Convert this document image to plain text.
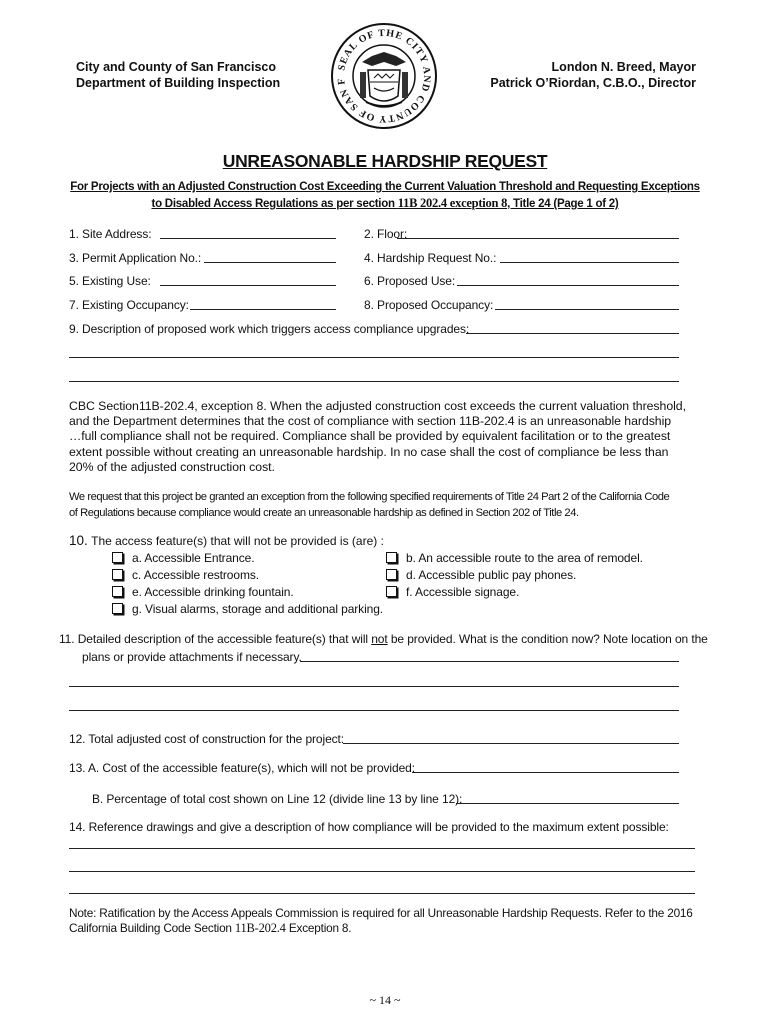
City and County of San Francisco
Department of Building Inspection
London N. Breed, Mayor
Patrick O’Riordan, C.B.O., Director
SEAL OF THE CITY AND COUNTY OF SAN F
UNREASONABLE HARDSHIP REQUEST
For Projects with an Adjusted Construction Cost Exceeding the Current Valuation Threshold and Requesting Exceptions
to Disabled Access Regulations as per section 11B 202.4 exception 8, Title 24 (Page 1 of 2)
1. Site Address:	2. Floor:
3. Permit Application No.:	4. Hardship Request No.:
5. Existing Use:	6. Proposed Use:
7. Existing Occupancy:	8. Proposed Occupancy:
9. Description of proposed work which triggers access compliance upgrades:
CBC Section11B-202.4, exception 8. When the adjusted construction cost exceeds the current valuation threshold,
and the Department determines that the cost of compliance with section 11B-202.4 is an unreasonable hardship
…full compliance shall not be required. Compliance shall be provided by equivalent facilitation or to the greatest
extent possible without creating an unreasonable hardship. In no case shall the cost of compliance be less than
20% of the adjusted construction cost.
We request that this project be granted an exception from the following specified requirements of Title 24 Part 2 of the California Code
of Regulations because compliance would create an unreasonable hardship as defined in Section 202 of Title 24.
10. The access feature(s) that will not be provided is (are) :
a. Accessible Entrance.	b. An accessible route to the area of remodel.
c. Accessible restrooms.	d. Accessible public pay phones.
e. Accessible drinking fountain.	f. Accessible signage.
g. Visual alarms, storage and additional parking.
11. Detailed description of the accessible feature(s) that will not be provided. What is the condition now? Note location on the
plans or provide attachments if necessary.
12. Total adjusted cost of construction for the project:
13. A. Cost of the accessible feature(s), which will not be provided:
B. Percentage of total cost shown on Line 12 (divide line 13 by line 12):
14. Reference drawings and give a description of how compliance will be provided to the maximum extent possible:
Note: Ratification by the Access Appeals Commission is required for all Unreasonable Hardship Requests. Refer to the 2016
California Building Code Section 11B-202.4 Exception 8.
~ 14 ~
